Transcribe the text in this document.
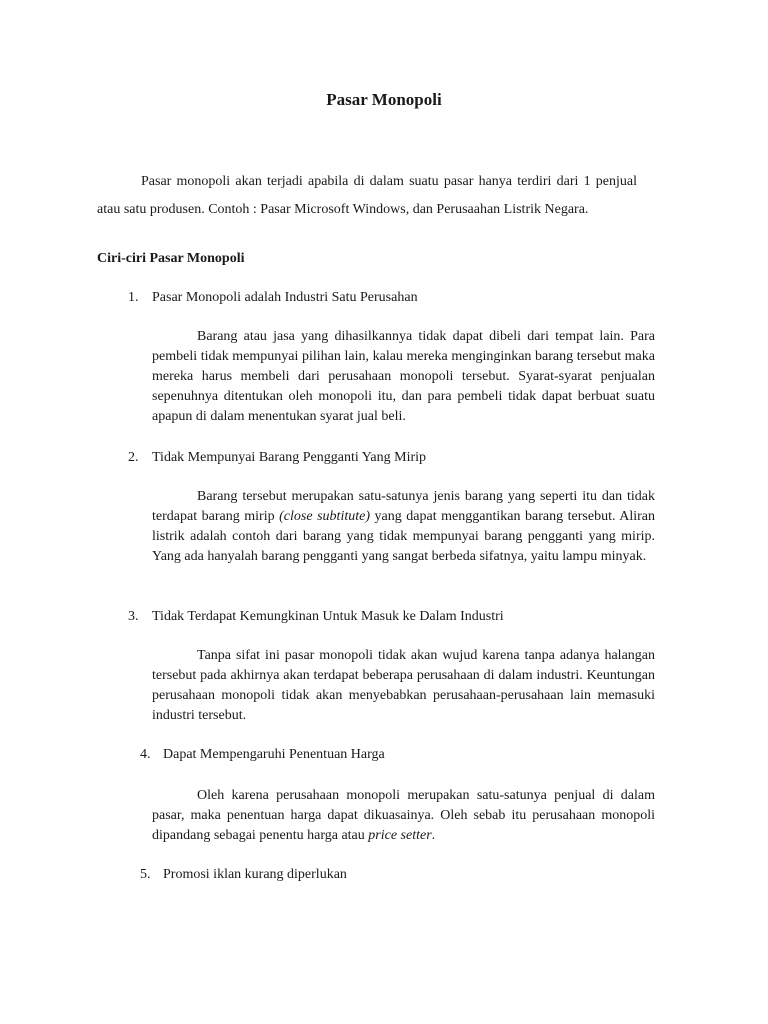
Pasar Monopoli
Pasar monopoli akan terjadi apabila di dalam suatu pasar hanya terdiri dari 1 penjual atau satu produsen. Contoh : Pasar Microsoft Windows, dan Perusaahan Listrik Negara.
Ciri-ciri Pasar Monopoli
1. Pasar Monopoli adalah Industri Satu Perusahan
Barang atau jasa yang dihasilkannya tidak dapat dibeli dari tempat lain. Para pembeli tidak mempunyai pilihan lain, kalau mereka menginginkan barang tersebut maka mereka harus membeli dari perusahaan monopoli tersebut. Syarat-syarat penjualan sepenuhnya ditentukan oleh monopoli itu, dan para pembeli tidak dapat berbuat suatu apapun di dalam menentukan syarat jual beli.
2. Tidak Mempunyai Barang Pengganti Yang Mirip
Barang tersebut merupakan satu-satunya jenis barang yang seperti itu dan tidak terdapat barang mirip (close subtitute) yang dapat menggantikan barang tersebut. Aliran listrik adalah contoh dari barang yang tidak mempunyai barang pengganti yang mirip. Yang ada hanyalah barang pengganti yang sangat berbeda sifatnya, yaitu lampu minyak.
3. Tidak Terdapat Kemungkinan Untuk Masuk ke Dalam Industri
Tanpa sifat ini pasar monopoli tidak akan wujud karena tanpa adanya halangan tersebut pada akhirnya akan terdapat beberapa perusahaan di dalam industri. Keuntungan perusahaan monopoli tidak akan menyebabkan perusahaan-perusahaan lain memasuki industri tersebut.
4. Dapat Mempengaruhi Penentuan Harga
Oleh karena perusahaan monopoli merupakan satu-satunya penjual di dalam pasar, maka penentuan harga dapat dikuasainya. Oleh sebab itu perusahaan monopoli dipandang sebagai penentu harga atau price setter.
5. Promosi iklan kurang diperlukan
